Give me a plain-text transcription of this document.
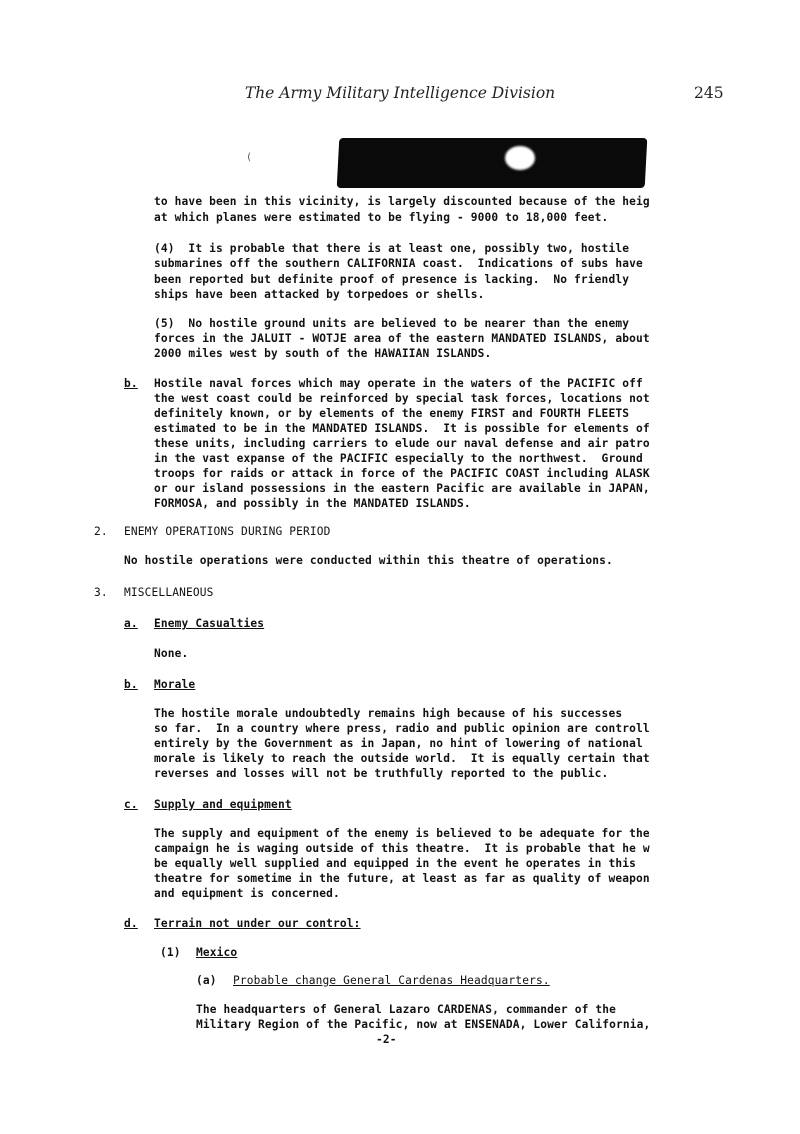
The Army Military Intelligence Division	245
(
to have been in this vicinity, is largely discounted because of the heig
at which planes were estimated to be flying - 9000 to 18,000 feet.
(4)  It is probable that there is at least one, possibly two, hostile
submarines off the southern CALIFORNIA coast.  Indications of subs have
been reported but definite proof of presence is lacking.  No friendly
ships have been attacked by torpedoes or shells.
(5)  No hostile ground units are believed to be nearer than the enemy
forces in the JALUIT - WOTJE area of the eastern MANDATED ISLANDS, about
2000 miles west by south of the HAWAIIAN ISLANDS.
b. Hostile naval forces which may operate in the waters of the PACIFIC off
the west coast could be reinforced by special task forces, locations not
definitely known, or by elements of the enemy FIRST and FOURTH FLEETS
estimated to be in the MANDATED ISLANDS.  It is possible for elements of
these units, including carriers to elude our naval defense and air patro
in the vast expanse of the PACIFIC especially to the northwest.  Ground
troops for raids or attack in force of the PACIFIC COAST including ALASK
or our island possessions in the eastern Pacific are available in JAPAN,
FORMOSA, and possibly in the MANDATED ISLANDS.
2. ENEMY OPERATIONS DURING PERIOD
No hostile operations were conducted within this theatre of operations.
3. MISCELLANEOUS
a. Enemy Casualties
None.
b. Morale
The hostile morale undoubtedly remains high because of his successes
so far.  In a country where press, radio and public opinion are controll
entirely by the Government as in Japan, no hint of lowering of national
morale is likely to reach the outside world.  It is equally certain that
reverses and losses will not be truthfully reported to the public.
c. Supply and equipment
The supply and equipment of the enemy is believed to be adequate for the
campaign he is waging outside of this theatre.  It is probable that he w
be equally well supplied and equipped in the event he operates in this
theatre for sometime in the future, at least as far as quality of weapon
and equipment is concerned.
d. Terrain not under our control:
(1) Mexico
(a) Probable change General Cardenas Headquarters.
The headquarters of General Lazaro CARDENAS, commander of the
Military Region of the Pacific, now at ENSENADA, Lower California,
-2-
